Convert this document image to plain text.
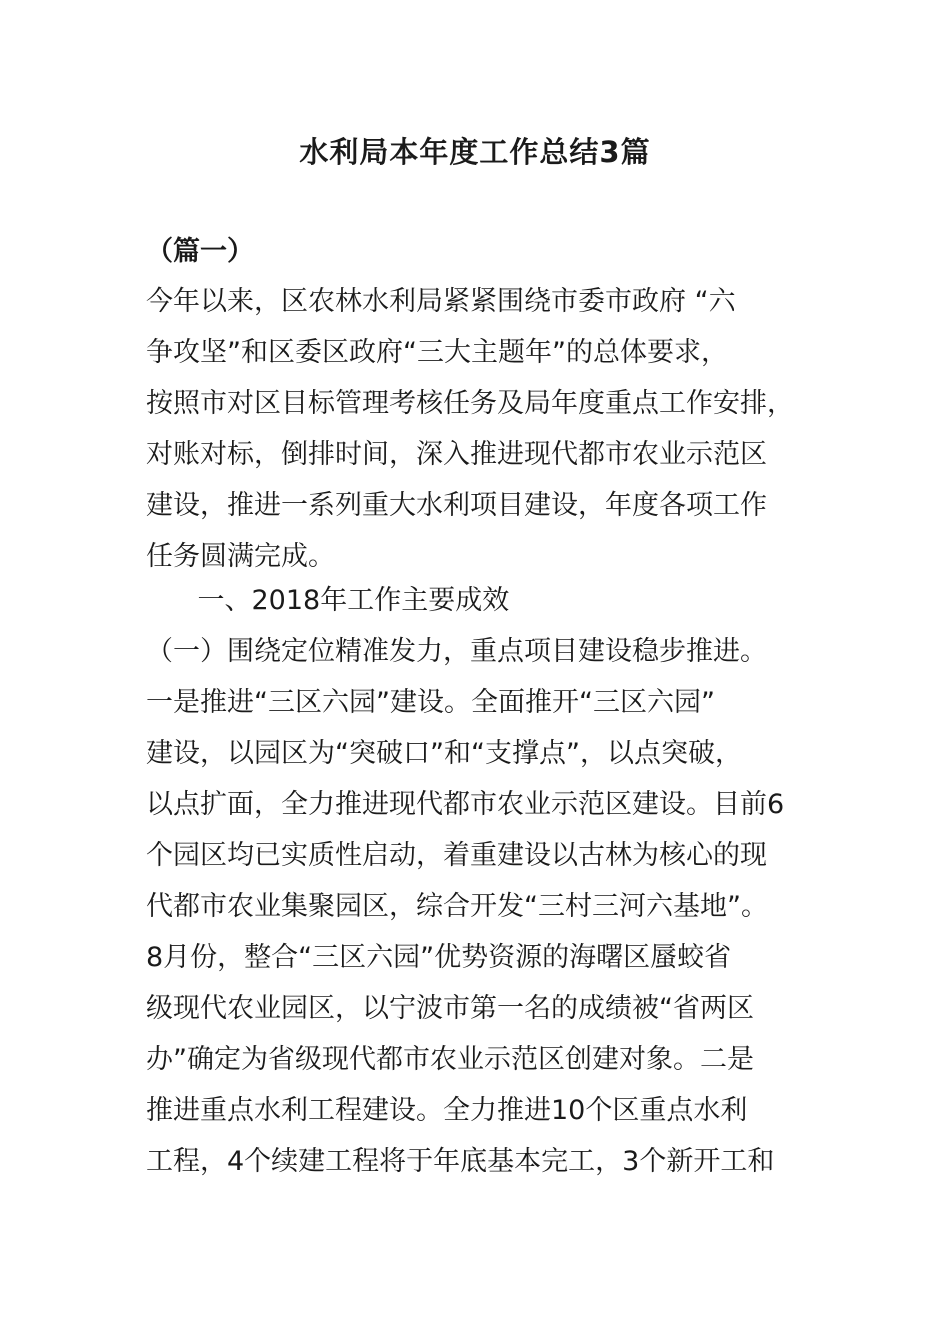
水利局本年度工作总结3篇
（篇一）
今年以来，区农林水利局紧紧围绕市委市政府 “六
争攻坚”和区委区政府“三大主题年”的总体要求，
按照市对区目标管理考核任务及局年度重点工作安排，
对账对标，倒排时间，深入推进现代都市农业示范区
建设，推进一系列重大水利项目建设，年度各项工作
任务圆满完成。
一、2018年工作主要成效
（一）围绕定位精准发力，重点项目建设稳步推进。
一是推进“三区六园”建设。全面推开“三区六园”
建设，以园区为“突破口”和“支撑点”，以点突破，
以点扩面，全力推进现代都市农业示范区建设。目前6
个园区均已实质性启动，着重建设以古林为核心的现
代都市农业集聚园区，综合开发“三村三河六基地”。
8月份，整合“三区六园”优势资源的海曙区蜃蛟省
级现代农业园区，以宁波市第一名的成绩被“省两区
办”确定为省级现代都市农业示范区创建对象。二是
推进重点水利工程建设。全力推进10个区重点水利
工程，4个续建工程将于年底基本完工，3个新开工和
